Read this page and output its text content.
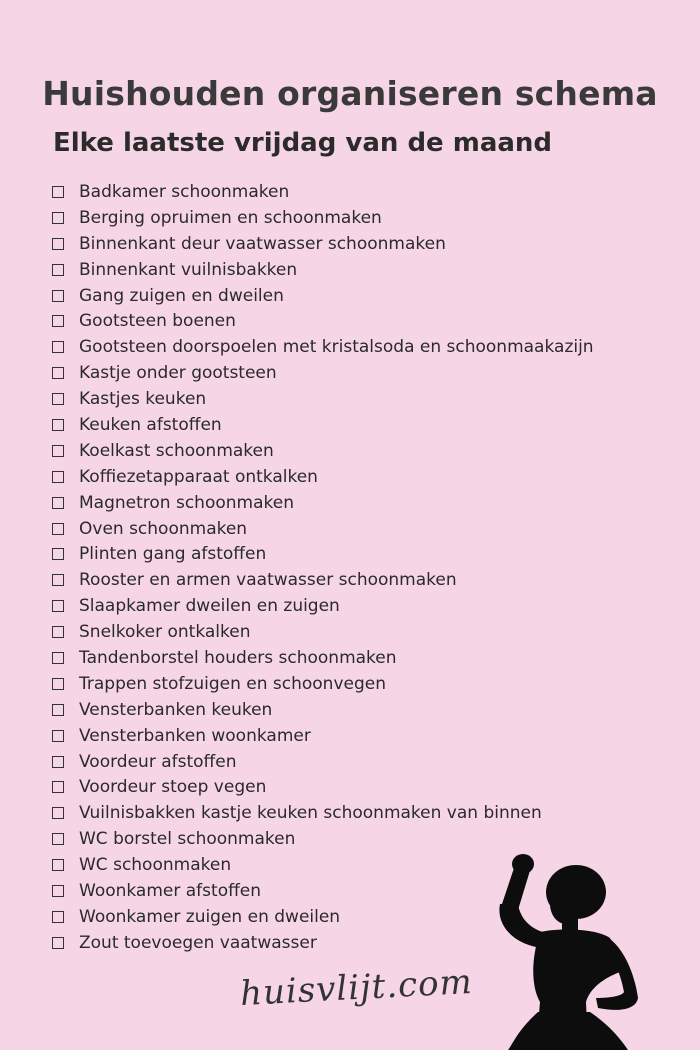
Huishouden organiseren schema
Elke laatste vrijdag van de maand
Badkamer schoonmaken
Berging opruimen en schoonmaken
Binnenkant deur vaatwasser schoonmaken
Binnenkant vuilnisbakken
Gang zuigen en dweilen
Gootsteen boenen
Gootsteen doorspoelen met kristalsoda en schoonmaakazijn
Kastje onder gootsteen
Kastjes keuken
Keuken afstoffen
Koelkast schoonmaken
Koffiezetapparaat ontkalken
Magnetron schoonmaken
Oven schoonmaken
Plinten gang afstoffen
Rooster en armen vaatwasser schoonmaken
Slaapkamer dweilen en zuigen
Snelkoker ontkalken
Tandenborstel houders schoonmaken
Trappen stofzuigen en schoonvegen
Vensterbanken keuken
Vensterbanken woonkamer
Voordeur afstoffen
Voordeur stoep vegen
Vuilnisbakken kastje keuken schoonmaken van binnen
WC borstel schoonmaken
WC schoonmaken
Woonkamer afstoffen
Woonkamer zuigen en dweilen
Zout toevoegen vaatwasser
huisvlijt.com
